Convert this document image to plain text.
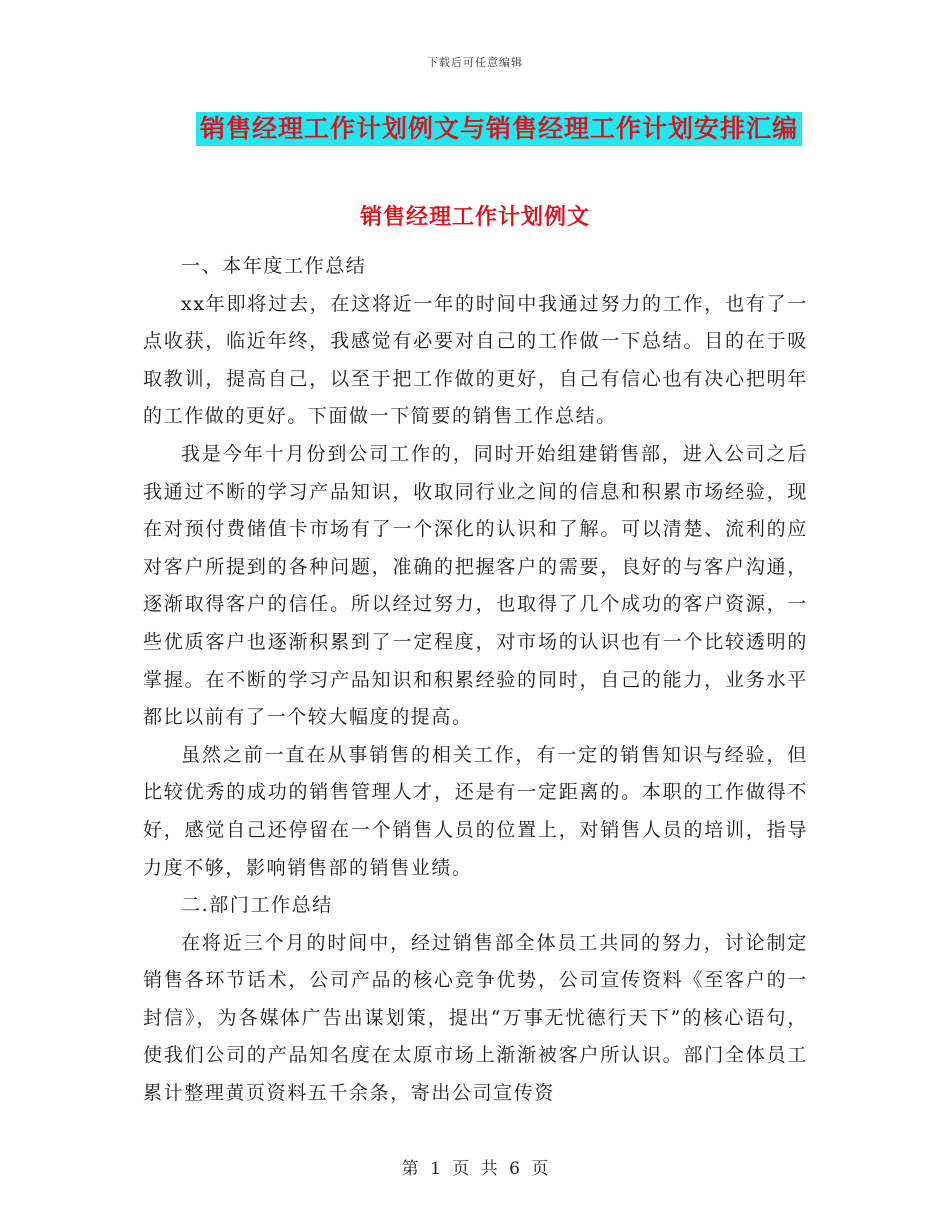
下载后可任意编辑
销售经理工作计划例文与销售经理工作计划安排汇编
销售经理工作计划例文

一、本年度工作总结

xx年即将过去，在这将近一年的时间中我通过努力的工作，也有了一点收获，临近年终，我感觉有必要对自己的工作做一下总结。目的在于吸取教训，提高自己，以至于把工作做的更好，自己有信心也有决心把明年的工作做的更好。下面做一下简要的销售工作总结。

我是今年十月份到公司工作的，同时开始组建销售部，进入公司之后我通过不断的学习产品知识，收取同行业之间的信息和积累市场经验，现在对预付费储值卡市场有了一个深化的认识和了解。可以清楚、流利的应对客户所提到的各种问题，准确的把握客户的需要，良好的与客户沟通，逐渐取得客户的信任。所以经过努力，也取得了几个成功的客户资源，一些优质客户也逐渐积累到了一定程度，对市场的认识也有一个比较透明的掌握。在不断的学习产品知识和积累经验的同时，自己的能力，业务水平都比以前有了一个较大幅度的提高。

虽然之前一直在从事销售的相关工作，有一定的销售知识与经验，但比较优秀的成功的销售管理人才，还是有一定距离的。本职的工作做得不好，感觉自己还停留在一个销售人员的位置上，对销售人员的培训，指导力度不够，影响销售部的销售业绩。

二.部门工作总结

在将近三个月的时间中，经过销售部全体员工共同的努力，讨论制定销售各环节话术，公司产品的核心竞争优势，公司宣传资料《至客户的一封信》，为各媒体广告出谋划策，提出“万事无忧德行天下”的核心语句，使我们公司的产品知名度在太原市场上渐渐被客户所认识。部门全体员工累计整理黄页资料五千余条，寄出公司宣传资

第 1 页 共 6 页
